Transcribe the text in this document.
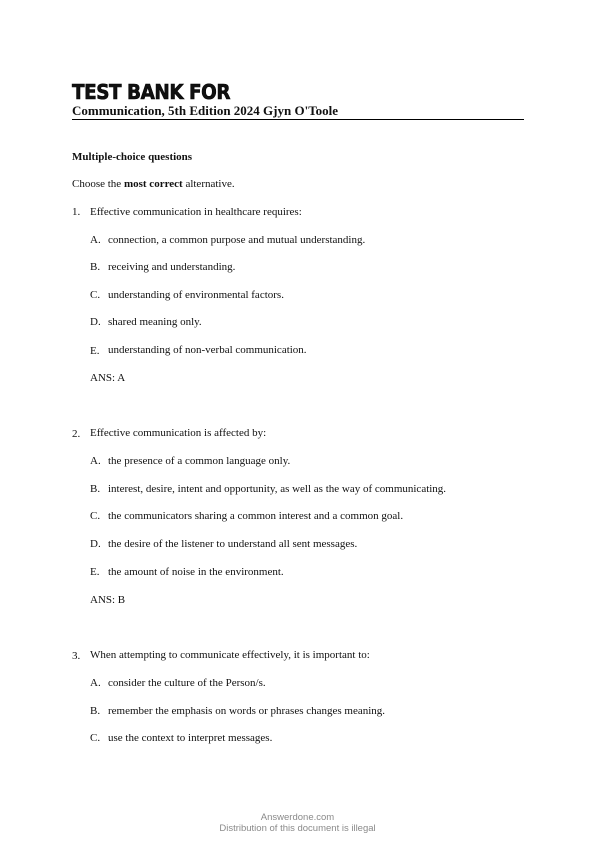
TEST BANK FOR
Communication, 5th Edition 2024 Gjyn O'Toole
Multiple-choice questions
Choose the most correct alternative.
1. Effective communication in healthcare requires:
A. connection, a common purpose and mutual understanding.
B. receiving and understanding.
C. understanding of environmental factors.
D. shared meaning only.
E. understanding of non-verbal communication.
ANS: A
2. Effective communication is affected by:
A. the presence of a common language only.
B. interest, desire, intent and opportunity, as well as the way of communicating.
C. the communicators sharing a common interest and a common goal.
D. the desire of the listener to understand all sent messages.
E. the amount of noise in the environment.
ANS: B
3. When attempting to communicate effectively, it is important to:
A. consider the culture of the Person/s.
B. remember the emphasis on words or phrases changes meaning.
C. use the context to interpret messages.
Answerdone.com
Distribution of this document is illegal
